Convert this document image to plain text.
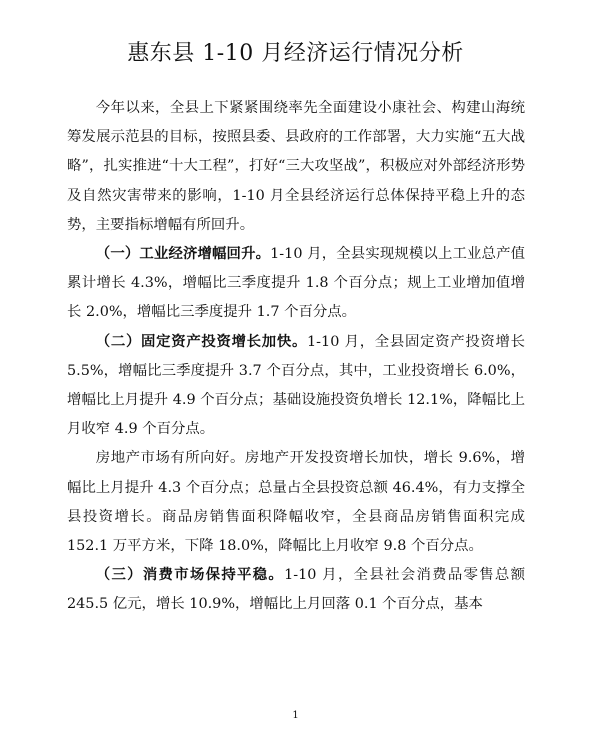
惠东县 1-10 月经济运行情况分析

今年以来，全县上下紧紧围绕率先全面建设小康社会、构建山海统筹发展示范县的目标，按照县委、县政府的工作部署，大力实施“五大战略”，扎实推进“十大工程”，打好“三大攻坚战”，积极应对外部经济形势及自然灾害带来的影响，1-10 月全县经济运行总体保持平稳上升的态势，主要指标增幅有所回升。

（一）工业经济增幅回升。1-10 月，全县实现规模以上工业总产值累计增长 4.3%，增幅比三季度提升 1.8 个百分点；规上工业增加值增长 2.0%，增幅比三季度提升 1.7 个百分点。

（二）固定资产投资增长加快。1-10 月，全县固定资产投资增长 5.5%，增幅比三季度提升 3.7 个百分点，其中，工业投资增长 6.0%，增幅比上月提升 4.9 个百分点；基础设施投资负增长 12.1%，降幅比上月收窄 4.9 个百分点。

房地产市场有所向好。房地产开发投资增长加快，增长 9.6%，增幅比上月提升 4.3 个百分点；总量占全县投资总额 46.4%，有力支撑全县投资增长。商品房销售面积降幅收窄，全县商品房销售面积完成 152.1 万平方米，下降 18.0%，降幅比上月收窄 9.8 个百分点。

（三）消费市场保持平稳。1-10 月，全县社会消费品零售总额 245.5 亿元，增长 10.9%，增幅比上月回落 0.1 个百分点，基本

1
